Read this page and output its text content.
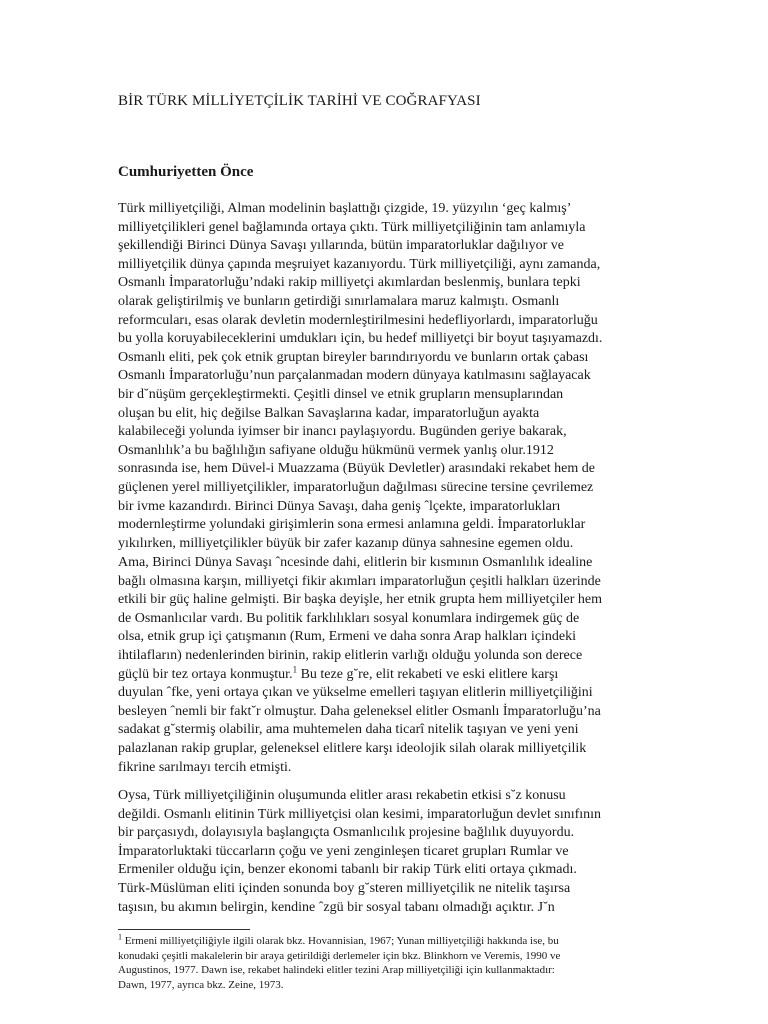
BİR TÜRK MİLLİYETÇİLİK TARİHİ VE COĞRAFYASI
Cumhuriyetten Önce

Türk milliyetçiliği, Alman modelinin başlattığı çizgide, 19. yüzyılın ‘geç kalmış’
milliyetçilikleri genel bağlamında ortaya çıktı. Türk milliyetçiliğinin tam anlamıyla
şekillendiği Birinci Dünya Savaşı yıllarında, bütün imparatorluklar dağılıyor ve
milliyetçilik dünya çapında meşruiyet kazanıyordu. Türk milliyetçiliği, aynı zamanda,
Osmanlı İmparatorluğu’ndaki rakip milliyetçi akımlardan beslenmiş, bunlara tepki
olarak geliştirilmiş ve bunların getirdiği sınırlamalara maruz kalmıştı. Osmanlı
reformcuları, esas olarak devletin modernleştirilmesini hedefliyorlardı, imparatorluğu
bu yolla koruyabileceklerini umdukları için, bu hedef milliyetçi bir boyut taşıyamazdı.
Osmanlı eliti, pek çok etnik gruptan bireyler barındırıyordu ve bunların ortak çabası
Osmanlı İmparatorluğu’nun parçalanmadan modern dünyaya katılmasını sağlayacak
bir d˘nüşüm gerçekleştirmekti. Çeşitli dinsel ve etnik grupların mensuplarından
oluşan bu elit, hiç değilse Balkan Savaşlarına kadar, imparatorluğun ayakta
kalabileceği yolunda iyimser bir inancı paylaşıyordu. Bugünden geriye bakarak,
Osmanlılık’a bu bağlılığın safiyane olduğu hükmünü vermek yanlış olur.1912
sonrasında ise, hem Düvel-i Muazzama (Büyük Devletler) arasındaki rekabet hem de
güçlenen yerel milliyetçilikler, imparatorluğun dağılması sürecine tersine çevrilemez
bir ivme kazandırdı. Birinci Dünya Savaşı, daha geniş ˆlçekte, imparatorlukları
modernleştirme yolundaki girişimlerin sona ermesi anlamına geldi. İmparatorluklar
yıkılırken, milliyetçilikler büyük bir zafer kazanıp dünya sahnesine egemen oldu.

Ama, Birinci Dünya Savaşı ˆncesinde dahi, elitlerin bir kısmının Osmanlılık idealine
bağlı olmasına karşın, milliyetçi fikir akımları imparatorluğun çeşitli halkları üzerinde
etkili bir güç haline gelmişti. Bir başka deyişle, her etnik grupta hem milliyetçiler hem
de Osmanlıcılar vardı. Bu politik farklılıkları sosyal konumlara indirgemek güç de
olsa, etnik grup içi çatışmanın (Rum, Ermeni ve daha sonra Arap halkları içindeki
ihtilafların) nedenlerinden birinin, rakip elitlerin varlığı olduğu yolunda son derece
güçlü bir tez ortaya konmuştur.$^1$ Bu teze g˘re, elit rekabeti ve eski elitlere karşı
duyulan ˆfke, yeni ortaya çıkan ve yükselme emelleri taşıyan elitlerin milliyetçiliğini
besleyen ˆnemli bir fakt˘r olmuştur. Daha geleneksel elitler Osmanlı İmparatorluğu’na
sadakat g˘stermiş olabilir, ama muhtemelen daha ticarî nitelik taşıyan ve yeni yeni
palazlanan rakip gruplar, geleneksel elitlere karşı ideolojik silah olarak milliyetçilik
fikrine sarılmayı tercih etmişti.

Oysa, Türk milliyetçiliğinin oluşumunda elitler arası rekabetin etkisi s˘z konusu
değildi. Osmanlı elitinin Türk milliyetçisi olan kesimi, imparatorluğun devlet sınıfının
bir parçasıydı, dolayısıyla başlangıçta Osmanlıcılık projesine bağlılık duyuyordu.
İmparatorluktaki tüccarların çoğu ve yeni zenginleşen ticaret grupları Rumlar ve
Ermeniler olduğu için, benzer ekonomi tabanlı bir rakip Türk eliti ortaya çıkmadı.
Türk-Müslüman eliti içinden sonunda boy g˘steren milliyetçilik ne nitelik taşırsa
taşısın, bu akımın belirgin, kendine ˆzgü bir sosyal tabanı olmadığı açıktır. J˘n

$^1$ Ermeni milliyetçiliğiyle ilgili olarak bkz. Hovannisian, 1967; Yunan milliyetçiliği hakkında ise, bu
konudaki çeşitli makalelerin bir araya getirildiği derlemeler için bkz. Blinkhorn ve Veremis, 1990 ve
Augustinos, 1977. Dawn ise, rekabet halindeki elitler tezini Arap milliyetçiliği için kullanmaktadır:
Dawn, 1977, ayrıca bkz. Zeine, 1973.
